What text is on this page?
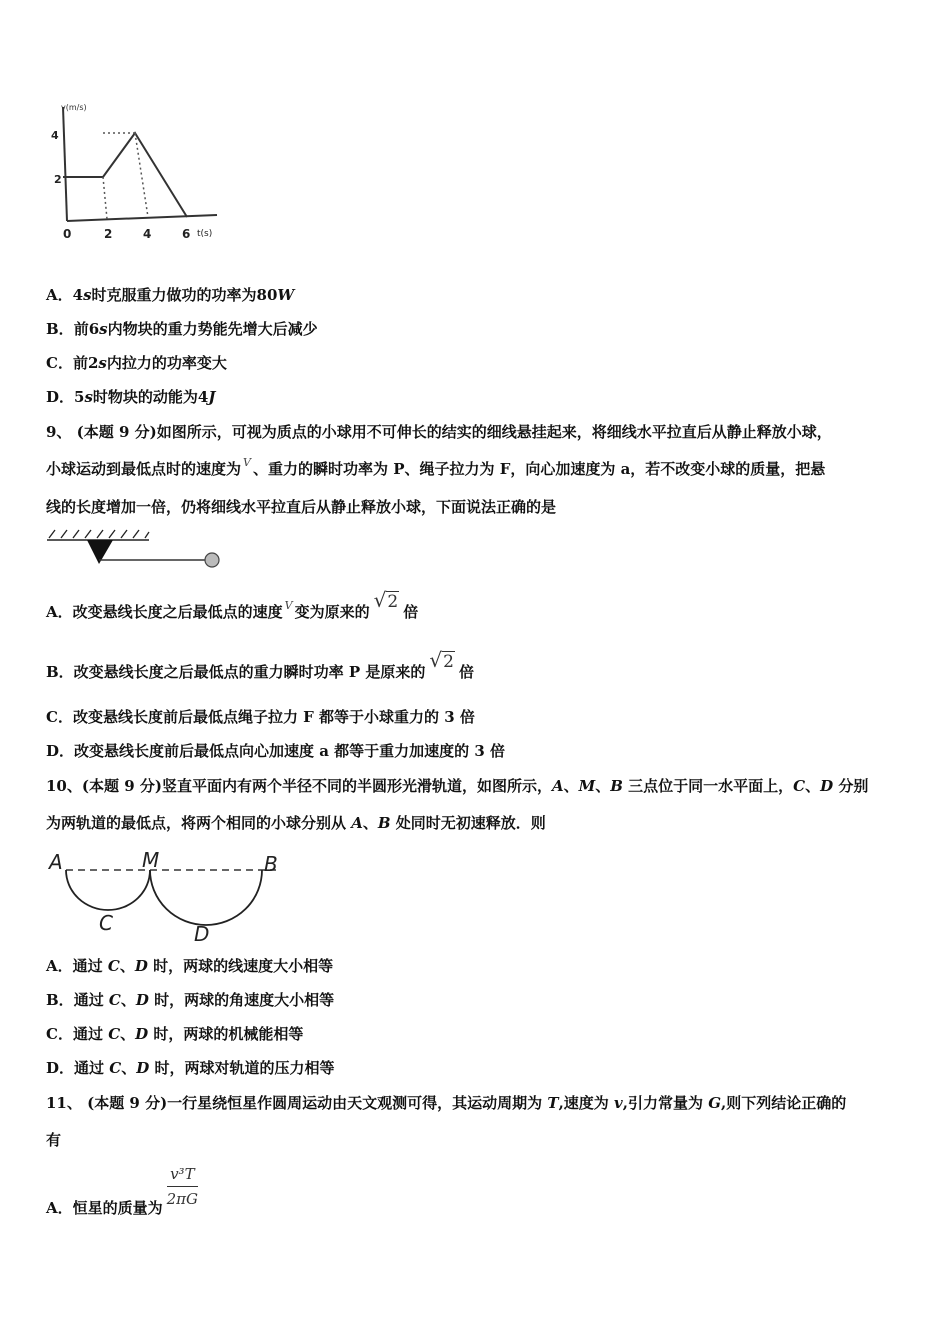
v(m/s)
4
2
0	2	4	6 t(s)
A．4s时克服重力做功的功率为80W
B．前6s内物块的重力势能先增大后减少
C．前2s内拉力的功率变大
D．5s时物块的动能为4J
9、 (本题 9 分)如图所示，可视为质点的小球用不可伸长的结实的细线悬挂起来，将细线水平拉直后从静止释放小球，
小球运动到最低点时的速度为 $^V$ 、重力的瞬时功率为 P、绳子拉力为 F，向心加速度为 a，若不改变小球的质量，把悬
线的长度增加一倍，仍将细线水平拉直后从静止释放小球，下面说法正确的是
A．改变悬线长度之后最低点的速度 $^V$ 变为原来的 √2 倍
B．改变悬线长度之后最低点的重力瞬时功率 P 是原来的 √2 倍
C．改变悬线长度前后最低点绳子拉力 F 都等于小球重力的 3 倍
D．改变悬线长度前后最低点向心加速度 a 都等于重力加速度的 3 倍
10、(本题 9 分)竖直平面内有两个半径不同的半圆形光滑轨道，如图所示，A、M、B 三点位于同一水平面上，C、D 分别
为两轨道的最低点，将两个相同的小球分别从 A、B 处同时无初速释放．则
A	M	B
C	D
A．通过 C、D 时，两球的线速度大小相等
B．通过 C、D 时，两球的角速度大小相等
C．通过 C、D 时，两球的机械能相等
D．通过 C、D 时，两球对轨道的压力相等
11、 (本题 9 分)一行星绕恒星作圆周运动由天文观测可得，其运动周期为 T,速度为 v,引力常量为 G,则下列结论正确的
有
A．恒星的质量为 $\frac{\text{v³T}}{2\pi G}$
